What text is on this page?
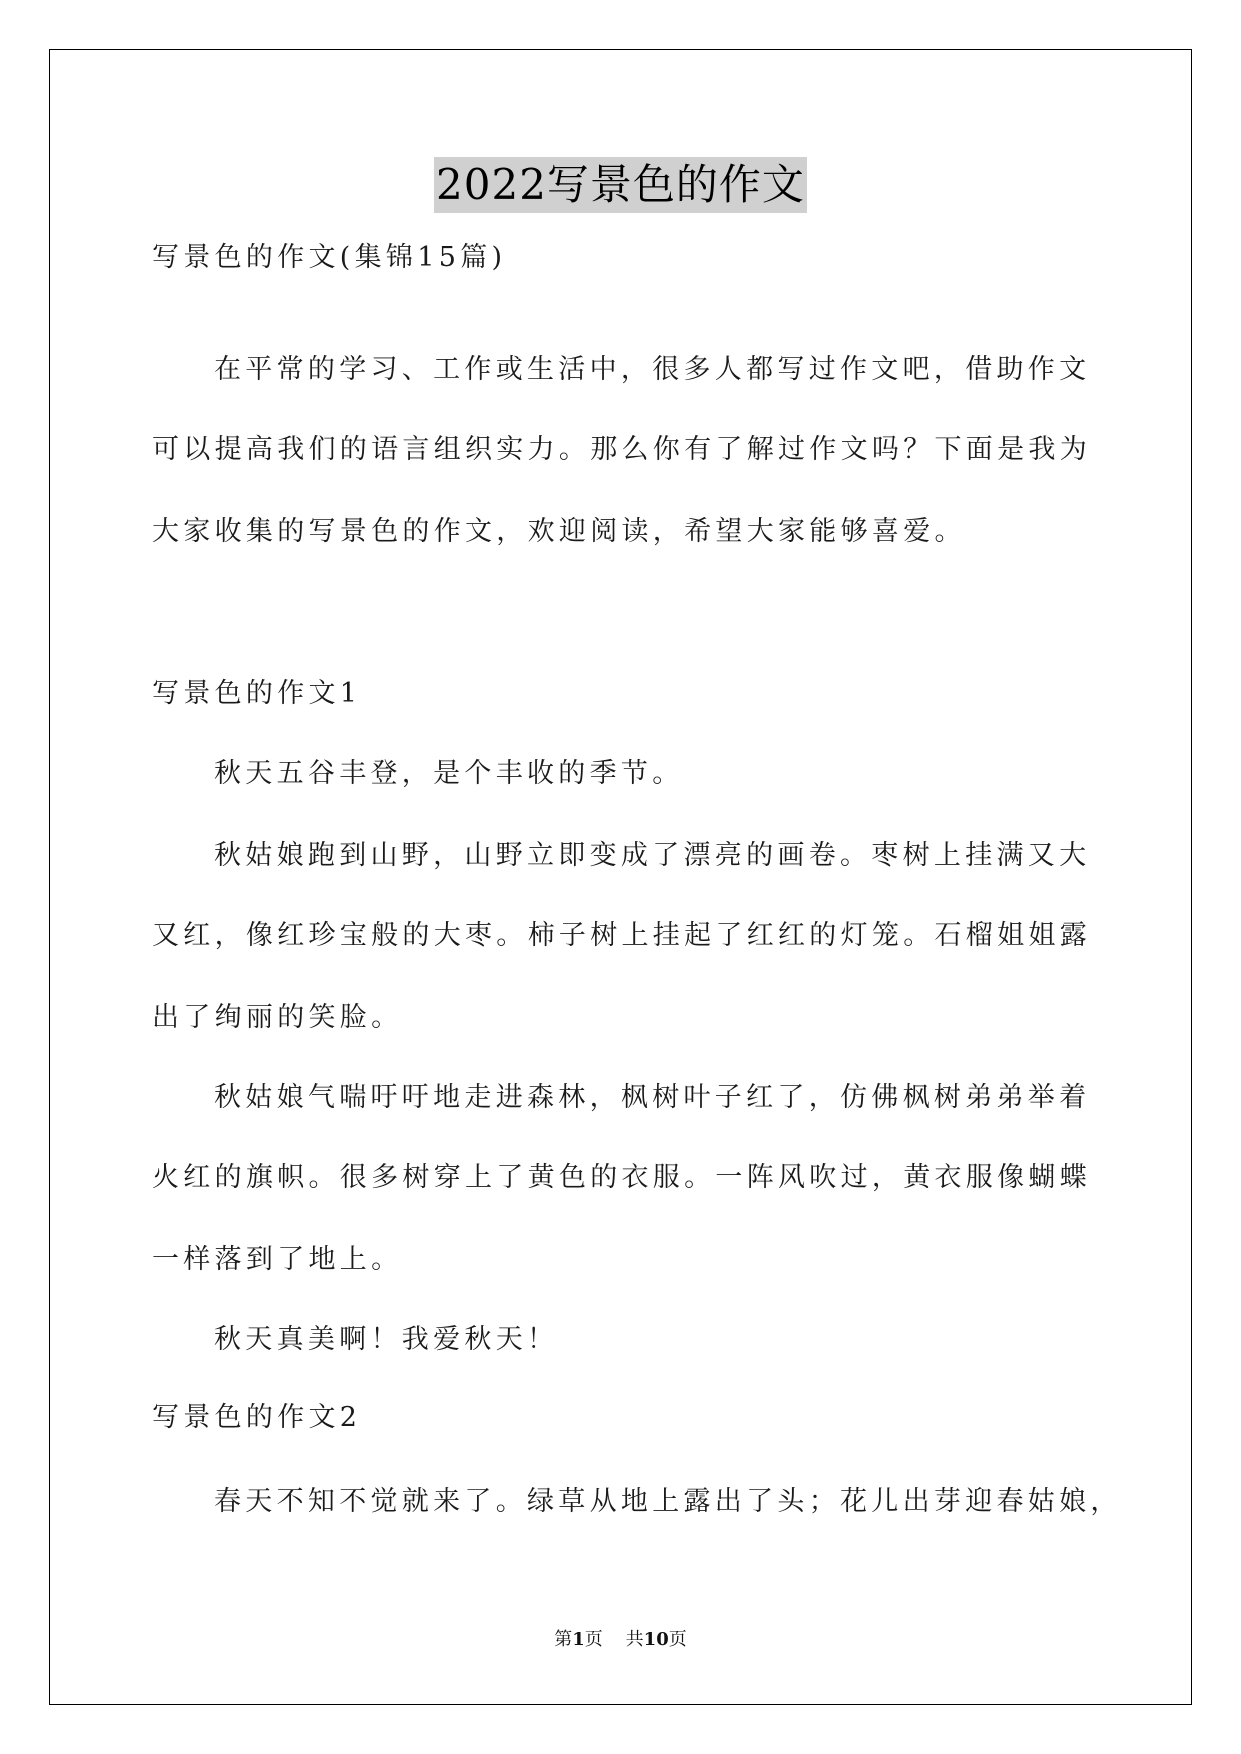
2022写景色的作文
写景色的作文(集锦15篇)
在平常的学习、工作或生活中，很多人都写过作文吧，借助作文
可以提高我们的语言组织实力。那么你有了解过作文吗？下面是我为
大家收集的写景色的作文，欢迎阅读，希望大家能够喜爱。
写景色的作文1
秋天五谷丰登，是个丰收的季节。
秋姑娘跑到山野，山野立即变成了漂亮的画卷。枣树上挂满又大
又红，像红珍宝般的大枣。柿子树上挂起了红红的灯笼。石榴姐姐露
出了绚丽的笑脸。
秋姑娘气喘吁吁地走进森林，枫树叶子红了，仿佛枫树弟弟举着
火红的旗帜。很多树穿上了黄色的衣服。一阵风吹过，黄衣服像蝴蝶
一样落到了地上。
秋天真美啊！我爱秋天！
写景色的作文2
春天不知不觉就来了。绿草从地上露出了头；花儿出芽迎春姑娘，
第1页 共10页
